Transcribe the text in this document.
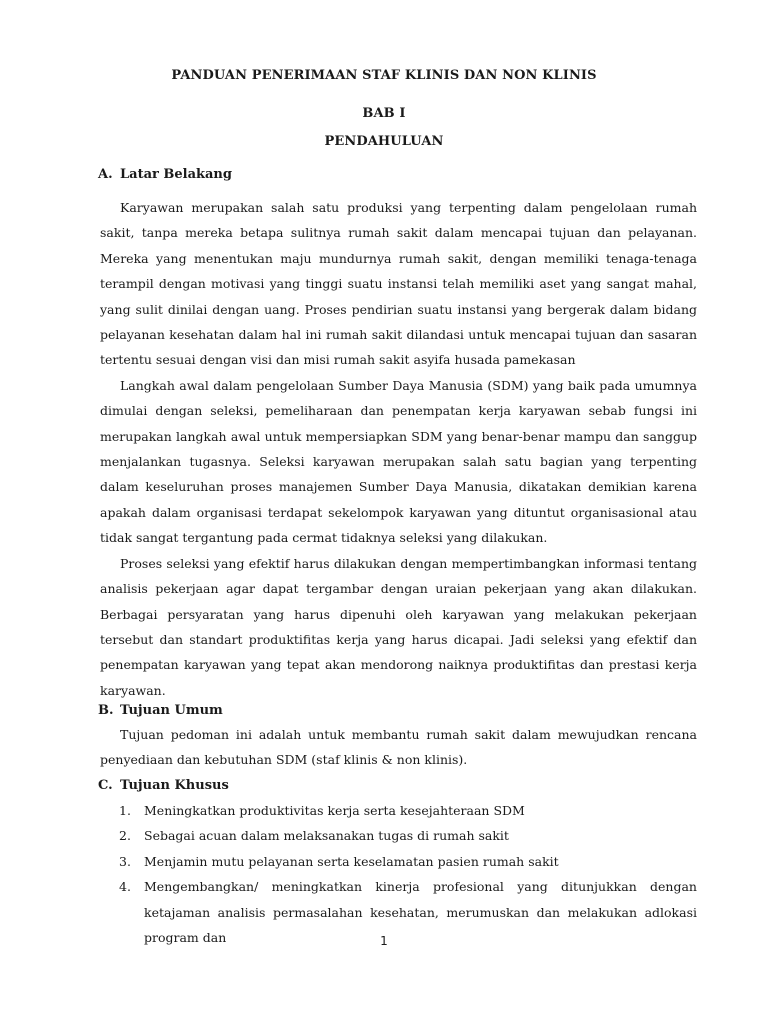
PANDUAN PENERIMAAN STAF KLINIS DAN NON KLINIS
BAB I
PENDAHULUAN
A. Latar Belakang

Karyawan merupakan salah satu produksi yang terpenting dalam pengelolaan rumah sakit, tanpa mereka betapa sulitnya rumah sakit dalam mencapai tujuan dan pelayanan. Mereka yang menentukan maju mundurnya rumah sakit, dengan memiliki tenaga-tenaga terampil dengan motivasi yang tinggi suatu instansi telah memiliki aset yang sangat mahal, yang sulit dinilai dengan uang. Proses pendirian suatu instansi yang bergerak dalam bidang pelayanan kesehatan dalam hal ini rumah sakit dilandasi untuk mencapai tujuan dan sasaran tertentu sesuai dengan visi dan misi rumah sakit asyifa husada pamekasan

Langkah awal dalam pengelolaan Sumber Daya Manusia (SDM) yang baik pada umumnya dimulai dengan seleksi, pemeliharaan dan penempatan kerja karyawan sebab fungsi ini merupakan langkah awal untuk mempersiapkan SDM yang benar-benar mampu dan sanggup menjalankan tugasnya. Seleksi karyawan merupakan salah satu bagian yang terpenting dalam keseluruhan proses manajemen Sumber Daya Manusia, dikatakan demikian karena apakah dalam organisasi terdapat sekelompok karyawan yang dituntut organisasional atau tidak sangat tergantung pada cermat tidaknya seleksi yang dilakukan.

Proses seleksi yang efektif harus dilakukan dengan mempertimbangkan informasi tentang analisis pekerjaan agar dapat tergambar dengan uraian pekerjaan yang akan dilakukan. Berbagai persyaratan yang harus dipenuhi oleh karyawan yang melakukan pekerjaan tersebut dan standart produktifitas kerja yang harus dicapai. Jadi seleksi yang efektif dan penempatan karyawan yang tepat akan mendorong naiknya produktifitas dan prestasi kerja karyawan.

B. Tujuan Umum

Tujuan pedoman ini adalah untuk membantu rumah sakit dalam mewujudkan rencana penyediaan dan kebutuhan SDM (staf klinis & non klinis).

C. Tujuan Khusus
1. Meningkatkan produktivitas kerja serta kesejahteraan SDM
2. Sebagai acuan dalam melaksanakan tugas di rumah sakit
3. Menjamin mutu pelayanan serta keselamatan pasien rumah sakit
4. Mengembangkan/ meningkatkan kinerja profesional yang ditunjukkan dengan ketajaman analisis permasalahan kesehatan, merumuskan dan melakukan adlokasi program dan	1
